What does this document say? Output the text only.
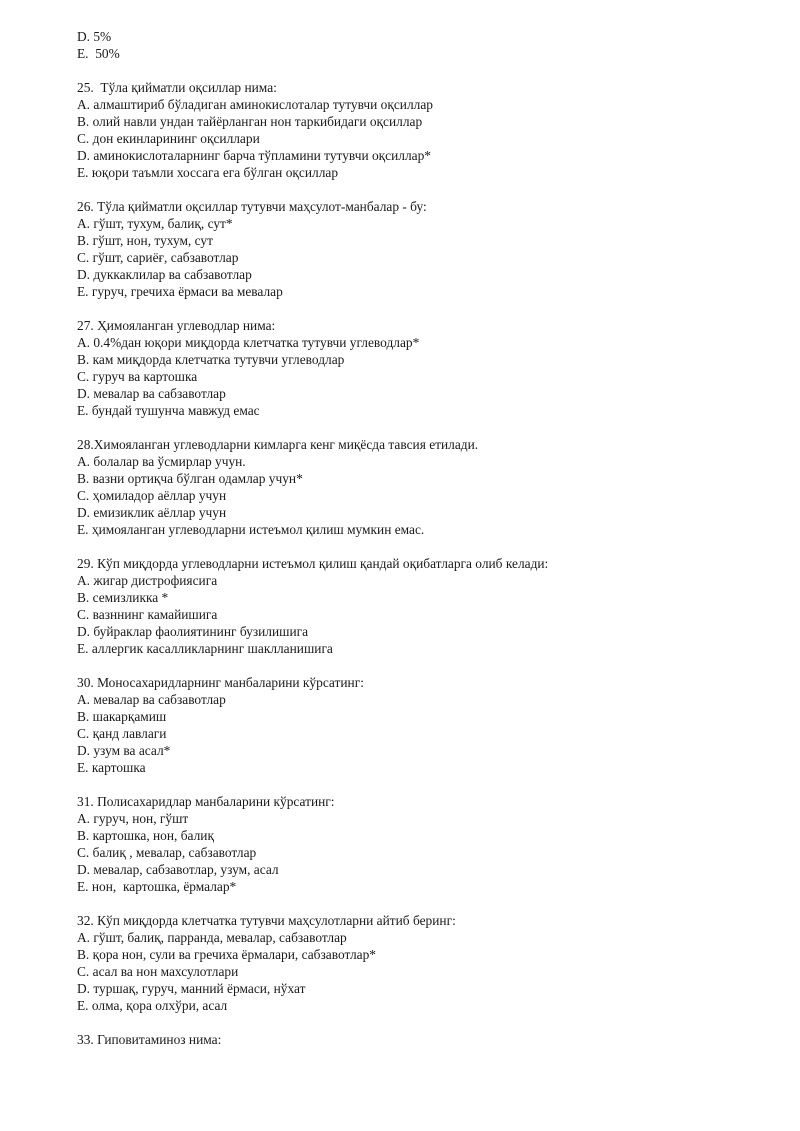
D. 5%
E.  50%
25.  Тўла қийматли оқсиллар нима:
A. алмаштириб бўладиган аминокислоталар тутувчи оқсиллар
B. олий навли ундан тайёрланган нон таркибидаги оқсиллар
C. дон екинларининг оқсиллари
D. аминокислоталарнинг барча тўпламини тутувчи оқсиллар*
E. юқори таъмли хоссага ега бўлган оқсиллар
26. Тўла қийматли оқсиллар тутувчи маҳсулот-манбалар - бу:
A. гўшт, тухум, балиқ, сут*
B. гўшт, нон, тухум, сут
C. гўшт, сариёғ, сабзавотлар
D. дуккаклилар ва сабзавотлар
E. гуруч, гречиха ёрмаси ва мевалар
27. Ҳимояланган углеводлар нима:
A. 0.4%дан юқори миқдорда клетчатка тутувчи углеводлар*
B. кам миқдорда клетчатка тутувчи углеводлар
C. гуруч ва картошка
D. мевалар ва сабзавотлар
E. бундай тушунча мавжуд емас
28.Химояланган углеводларни кимларга кенг миқёсда тавсия етилади.
A. болалар ва ўсмирлар учун.
B. вазни ортиқча бўлган одамлар учун*
C. ҳомиладор аёллар учун
D. емизиклик аёллар учун
E. ҳимояланган углеводларни истеъмол қилиш мумкин емас.
29. Кўп миқдорда углеводларни истеъмол қилиш қандай оқибатларга олиб келади:
A. жигар дистрофиясига
B. семизликка *
C. вазннинг камайишига
D. буйраклар фаолиятининг бузилишига
E. аллергик касалликларнинг шаклланишига
30. Моносахаридларнинг манбаларини кўрсатинг:
A. мевалар ва сабзавотлар
B. шакарқамиш
C. қанд лавлаги
D. узум ва асал*
E. картошка
31. Полисахаридлар манбаларини кўрсатинг:
A. гуруч, нон, гўшт
B. картошка, нон, балиқ
C. балиқ , мевалар, сабзавотлар
D. мевалар, сабзавотлар, узум, асал
E. нон,  картошка, ёрмалар*
32. Кўп миқдорда клетчатка тутувчи маҳсулотларни айтиб беринг:
A. гўшт, балиқ, парранда, мевалар, сабзавотлар
B. қора нон, сули ва гречиха ёрмалари, сабзавотлар*
C. асал ва нон махсулотлари
D. туршақ, гуруч, манний ёрмаси, нўхат
E. олма, қора олхўри, асал
33. Гиповитаминоз нима:
